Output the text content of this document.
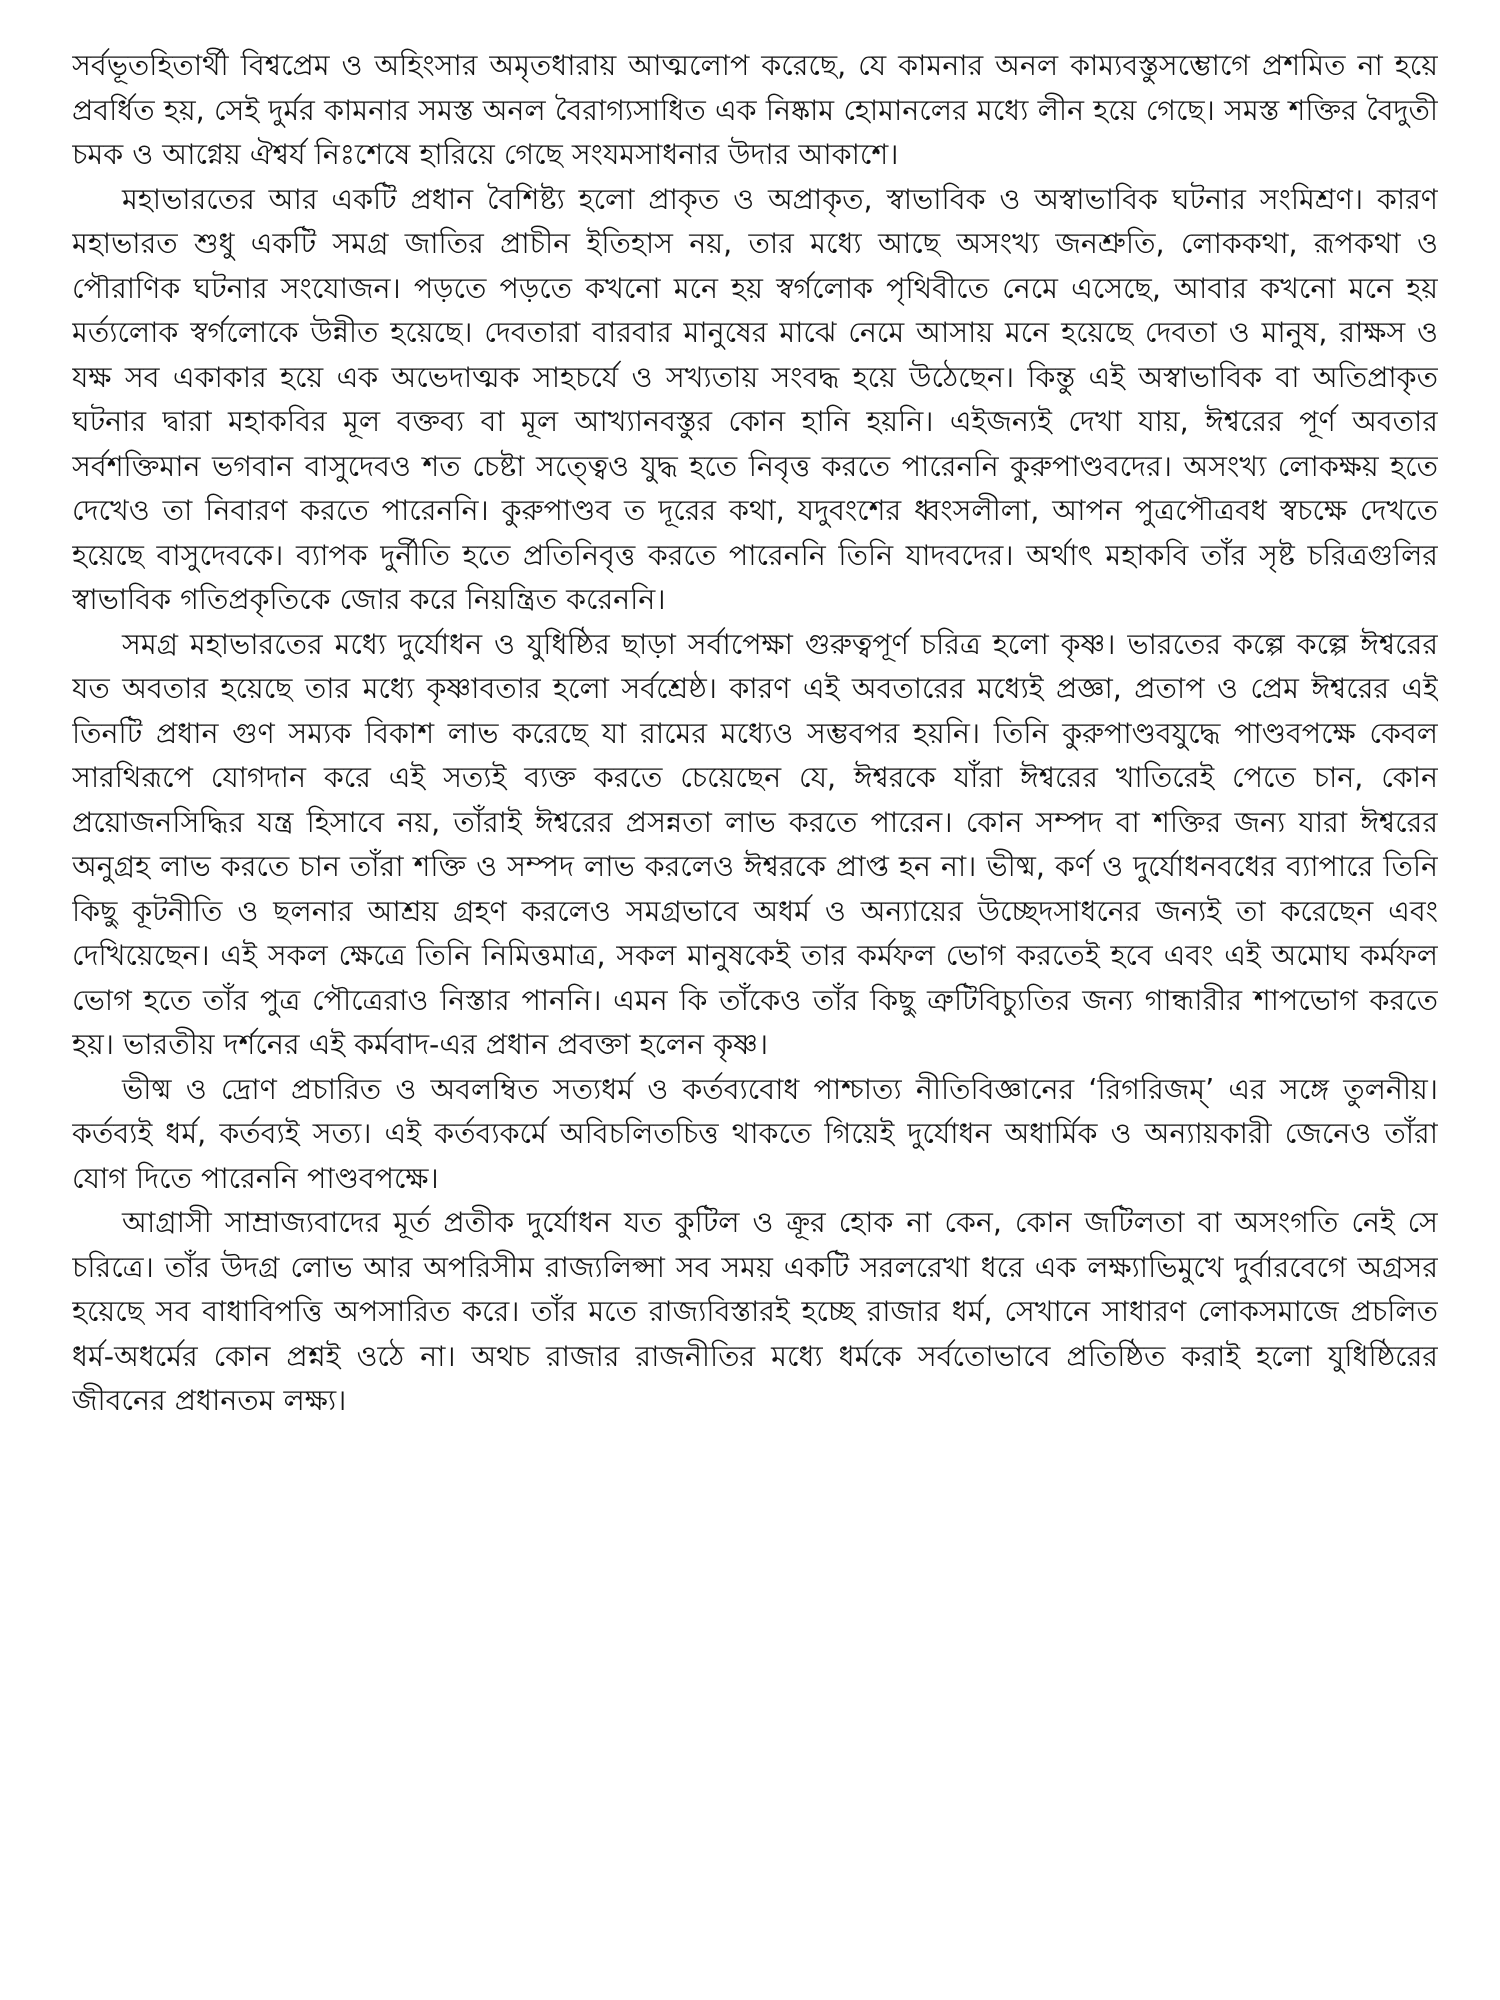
সর্বভূতহিতার্থী বিশ্বপ্রেম ও অহিংসার অমৃতধারায় আত্মলোপ করেছে, যে কামনার অনল কাম্যবস্তুসম্ভোগে প্রশমিত না হয়ে প্রবর্ধিত হয়, সেই দুর্মর কামনার সমস্ত অনল বৈরাগ্যসাধিত এক নিষ্কাম হোমানলের মধ্যে লীন হয়ে গেছে। সমস্ত শক্তির বৈদুতী চমক ও আগ্নেয় ঐশ্বর্য নিঃশেষে হারিয়ে গেছে সংযমসাধনার উদার আকাশে।

মহাভারতের আর একটি প্রধান বৈশিষ্ট্য হলো প্রাকৃত ও অপ্রাকৃত, স্বাভাবিক ও অস্বাভাবিক ঘটনার সংমিশ্রণ। কারণ মহাভারত শুধু একটি সমগ্র জাতির প্রাচীন ইতিহাস নয়, তার মধ্যে আছে অসংখ্য জনশ্রুতি, লোককথা, রূপকথা ও পৌরাণিক ঘটনার সংযোজন। পড়তে পড়তে কখনো মনে হয় স্বর্গলোক পৃথিবীতে নেমে এসেছে, আবার কখনো মনে হয় মর্ত্যলোক স্বর্গলোকে উন্নীত হয়েছে। দেবতারা বারবার মানুষের মাঝে নেমে আসায় মনে হয়েছে দেবতা ও মানুষ, রাক্ষস ও যক্ষ সব একাকার হয়ে এক অভেদাত্মক সাহচর্যে ও সখ্যতায় সংবদ্ধ হয়ে উঠেছেন। কিন্তু এই অস্বাভাবিক বা অতিপ্রাকৃত ঘটনার দ্বারা মহাকবির মূল বক্তব্য বা মূল আখ্যানবস্তুর কোন হানি হয়নি। এইজন্যই দেখা যায়, ঈশ্বরের পূর্ণ অবতার সর্বশক্তিমান ভগবান বাসুদেবও শত চেষ্টা সত্ত্বেও যুদ্ধ হতে নিবৃত্ত করতে পারেননি কুরুপাণ্ডবদের। অসংখ্য লোকক্ষয় হতে দেখেও তা নিবারণ করতে পারেননি। কুরুপাণ্ডব ত দূরের কথা, যদুবংশের ধ্বংসলীলা, আপন পুত্রপৌত্রবধ স্বচক্ষে দেখতে হয়েছে বাসুদেবকে। ব্যাপক দুর্নীতি হতে প্রতিনিবৃত্ত করতে পারেননি তিনি যাদবদের। অর্থাৎ মহাকবি তাঁর সৃষ্ট চরিত্রগুলির স্বাভাবিক গতিপ্রকৃতিকে জোর করে নিয়ন্ত্রিত করেননি।

সমগ্র মহাভারতের মধ্যে দুর্যোধন ও যুধিষ্ঠির ছাড়া সর্বাপেক্ষা গুরুত্বপূর্ণ চরিত্র হলো কৃষ্ণ। ভারতের কল্পে কল্পে ঈশ্বরের যত অবতার হয়েছে তার মধ্যে কৃষ্ণাবতার হলো সর্বশ্রেষ্ঠ। কারণ এই অবতারের মধ্যেই প্রজ্ঞা, প্রতাপ ও প্রেম ঈশ্বরের এই তিনটি প্রধান গুণ সম্যক বিকাশ লাভ করেছে যা রামের মধ্যেও সম্ভবপর হয়নি। তিনি কুরুপাণ্ডবযুদ্ধে পাণ্ডবপক্ষে কেবল সারথিরূপে যোগদান করে এই সত্যই ব্যক্ত করতে চেয়েছেন যে, ঈশ্বরকে যাঁরা ঈশ্বরের খাতিরেই পেতে চান, কোন প্রয়োজনসিদ্ধির যন্ত্র হিসাবে নয়, তাঁরাই ঈশ্বরের প্রসন্নতা লাভ করতে পারেন। কোন সম্পদ বা শক্তির জন্য যারা ঈশ্বরের অনুগ্রহ লাভ করতে চান তাঁরা শক্তি ও সম্পদ লাভ করলেও ঈশ্বরকে প্রাপ্ত হন না। ভীষ্ম, কর্ণ ও দুর্যোধনবধের ব্যাপারে তিনি কিছু কূটনীতি ও ছলনার আশ্রয় গ্রহণ করলেও সমগ্রভাবে অধর্ম ও অন্যায়ের উচ্ছেদসাধনের জন্যই তা করেছেন এবং দেখিয়েছেন। এই সকল ক্ষেত্রে তিনি নিমিত্তমাত্র, সকল মানুষকেই তার কর্মফল ভোগ করতেই হবে এবং এই অমোঘ কর্মফল ভোগ হতে তাঁর পুত্র পৌত্রেরাও নিস্তার পাননি। এমন কি তাঁকেও তাঁর কিছু ত্রুটিবিচ্যুতির জন্য গান্ধারীর শাপভোগ করতে হয়। ভারতীয় দর্শনের এই কর্মবাদ-এর প্রধান প্রবক্তা হলেন কৃষ্ণ।

ভীষ্ম ও দ্রোণ প্রচারিত ও অবলম্বিত সত্যধর্ম ও কর্তব্যবোধ পাশ্চাত্য নীতিবিজ্ঞানের ‘রিগরিজম্’ এর সঙ্গে তুলনীয়। কর্তব্যই ধর্ম, কর্তব্যই সত্য। এই কর্তব্যকর্মে অবিচলিতচিত্ত থাকতে গিয়েই দুর্যোধন অধার্মিক ও অন্যায়কারী জেনেও তাঁরা যোগ দিতে পারেননি পাণ্ডবপক্ষে।

আগ্রাসী সাম্রাজ্যবাদের মূর্ত প্রতীক দুর্যোধন যত কুটিল ও ক্রূর হোক না কেন, কোন জটিলতা বা অসংগতি নেই সে চরিত্রে। তাঁর উদগ্র লোভ আর অপরিসীম রাজ্যলিপ্সা সব সময় একটি সরলরেখা ধরে এক লক্ষ্যাভিমুখে দুর্বারবেগে অগ্রসর হয়েছে সব বাধাবিপত্তি অপসারিত করে। তাঁর মতে রাজ্যবিস্তারই হচ্ছে রাজার ধর্ম, সেখানে সাধারণ লোকসমাজে প্রচলিত ধর্ম-অধর্মের কোন প্রশ্নই ওঠে না। অথচ রাজার রাজনীতির মধ্যে ধর্মকে সর্বতোভাবে প্রতিষ্ঠিত করাই হলো যুধিষ্ঠিরের জীবনের প্রধানতম লক্ষ্য।
